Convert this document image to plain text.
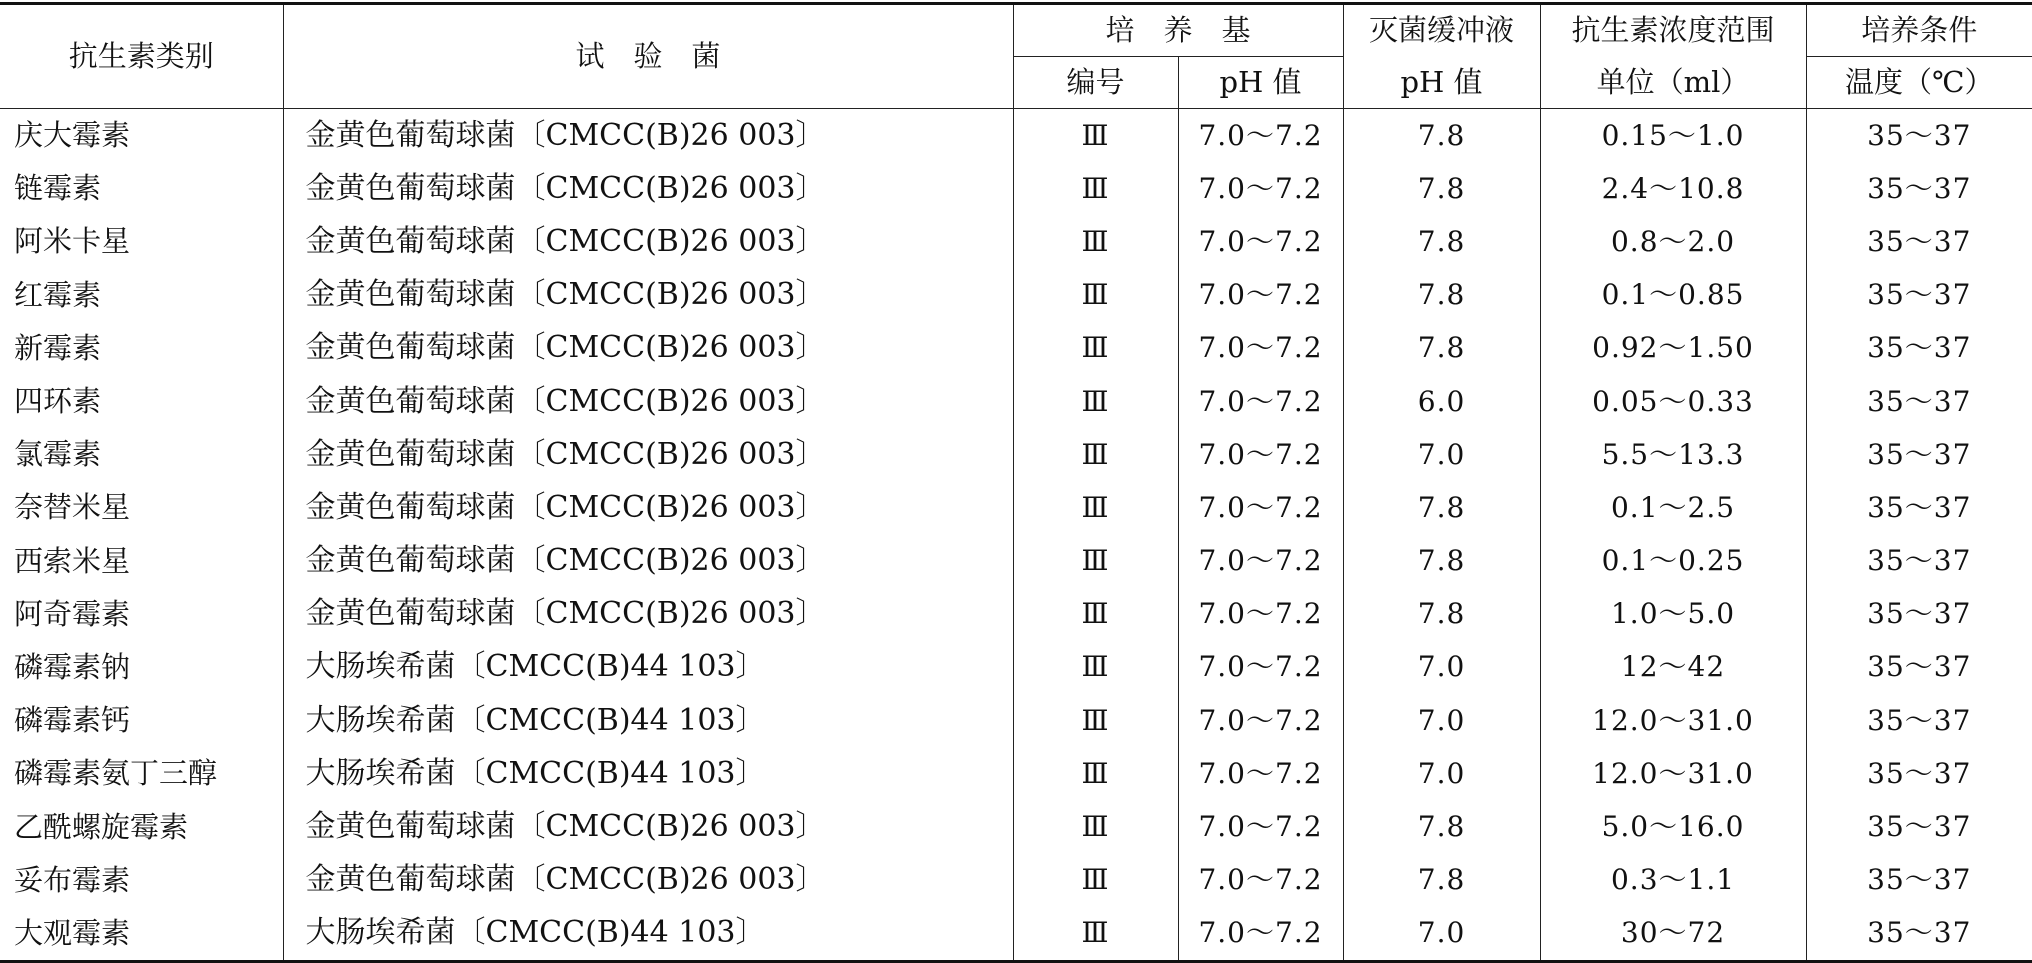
抗生素类别	试　验　菌	培　养　基		灭菌缓冲液	抗生素浓度范围	培养条件
		编号	pH 值	pH 值	单位（ml）	温度（℃）
庆大霉素	金黄色葡萄球菌〔CMCC(B)26 003〕	Ⅲ	7.0～7.2	7.8	0.15～1.0	35～37
链霉素	金黄色葡萄球菌〔CMCC(B)26 003〕	Ⅲ	7.0～7.2	7.8	2.4～10.8	35～37
阿米卡星	金黄色葡萄球菌〔CMCC(B)26 003〕	Ⅲ	7.0～7.2	7.8	0.8～2.0	35～37
红霉素	金黄色葡萄球菌〔CMCC(B)26 003〕	Ⅲ	7.0～7.2	7.8	0.1～0.85	35～37
新霉素	金黄色葡萄球菌〔CMCC(B)26 003〕	Ⅲ	7.0～7.2	7.8	0.92～1.50	35～37
四环素	金黄色葡萄球菌〔CMCC(B)26 003〕	Ⅲ	7.0～7.2	6.0	0.05～0.33	35～37
氯霉素	金黄色葡萄球菌〔CMCC(B)26 003〕	Ⅲ	7.0～7.2	7.0	5.5～13.3	35～37
奈替米星	金黄色葡萄球菌〔CMCC(B)26 003〕	Ⅲ	7.0～7.2	7.8	0.1～2.5	35～37
西索米星	金黄色葡萄球菌〔CMCC(B)26 003〕	Ⅲ	7.0～7.2	7.8	0.1～0.25	35～37
阿奇霉素	金黄色葡萄球菌〔CMCC(B)26 003〕	Ⅲ	7.0～7.2	7.8	1.0～5.0	35～37
磷霉素钠	大肠埃希菌〔CMCC(B)44 103〕	Ⅲ	7.0～7.2	7.0	12～42	35～37
磷霉素钙	大肠埃希菌〔CMCC(B)44 103〕	Ⅲ	7.0～7.2	7.0	12.0～31.0	35～37
磷霉素氨丁三醇	大肠埃希菌〔CMCC(B)44 103〕	Ⅲ	7.0～7.2	7.0	12.0～31.0	35～37
乙酰螺旋霉素	金黄色葡萄球菌〔CMCC(B)26 003〕	Ⅲ	7.0～7.2	7.8	5.0～16.0	35～37
妥布霉素	金黄色葡萄球菌〔CMCC(B)26 003〕	Ⅲ	7.0～7.2	7.8	0.3～1.1	35～37
大观霉素	大肠埃希菌〔CMCC(B)44 103〕	Ⅲ	7.0～7.2	7.0	30～72	35～37
